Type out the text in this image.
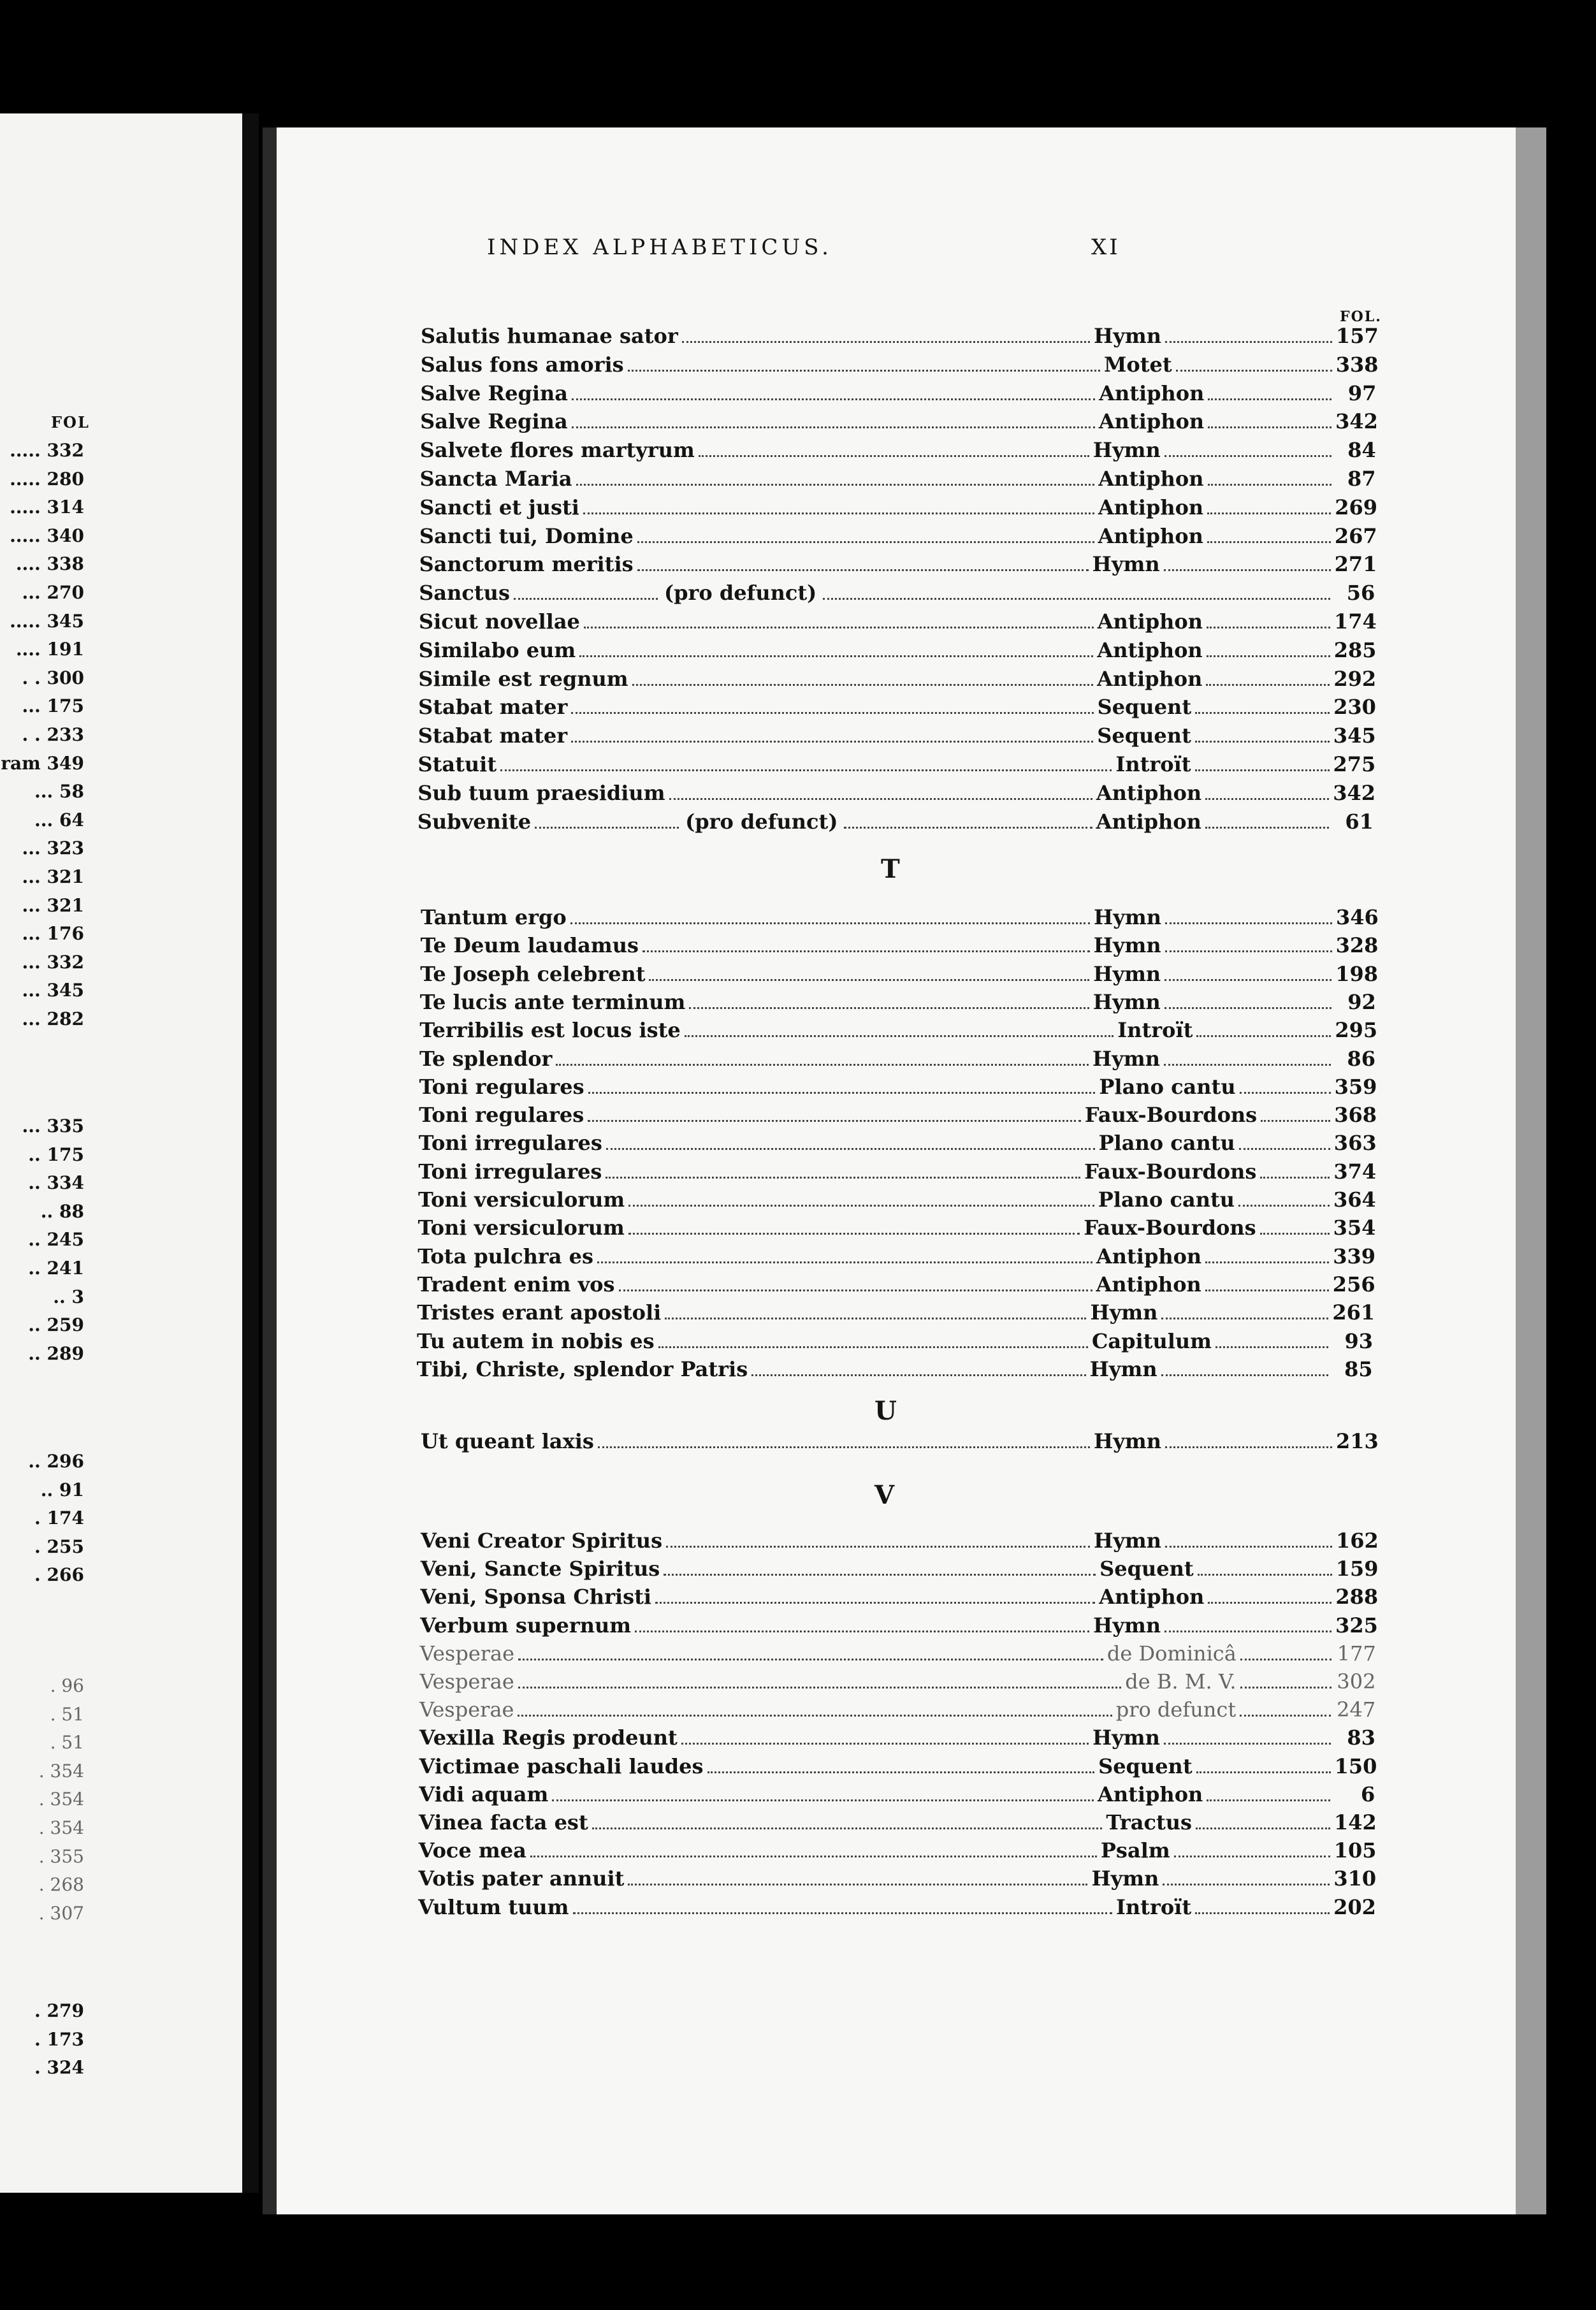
FOL
..... 332
..... 280
..... 314
..... 340
.... 338
... 270
..... 345
.... 191
. . 300
... 175
. . 233
ram 349
... 58
... 64
... 323
... 321
... 321
... 176
... 332
... 345
... 282
... 335
.. 175
.. 334
.. 88
.. 245
.. 241
.. 3
.. 259
.. 289
.. 296
.. 91
. 174
. 255
. 266
. 96
. 51
. 51
. 354
. 354
. 354
. 355
. 268
. 307
. 279
. 173
. 324
INDEX ALPHABETICUS.	XI
FOL.
Salutis humanae sator	Hymn	157
Salus fons amoris	Motet	338
Salve Regina	Antiphon	97
Salve Regina	Antiphon	342
Salvete flores martyrum	Hymn	84
Sancta Maria	Antiphon	87
Sancti et justi	Antiphon	269
Sancti tui, Domine	Antiphon	267
Sanctorum meritis	Hymn	271
Sanctus	(pro defunct)	56
Sicut novellae	Antiphon	174
Similabo eum	Antiphon	285
Simile est regnum	Antiphon	292
Stabat mater	Sequent	230
Stabat mater	Sequent	345
Statuit	Introït	275
Sub tuum praesidium	Antiphon	342
Subvenite	(pro defunct)	Antiphon	61
Tantum ergo	Hymn	346
Te Deum laudamus	Hymn	328
Te Joseph celebrent	Hymn	198
Te lucis ante terminum	Hymn	92
Terribilis est locus iste	Introït	295
Te splendor	Hymn	86
Toni regulares	Plano cantu	359
Toni regulares	Faux-Bourdons	368
Toni irregulares	Plano cantu	363
Toni irregulares	Faux-Bourdons	374
Toni versiculorum	Plano cantu	364
Toni versiculorum	Faux-Bourdons	354
Tota pulchra es	Antiphon	339
Tradent enim vos	Antiphon	256
Tristes erant apostoli	Hymn	261
Tu autem in nobis es	Capitulum	93
Tibi, Christe, splendor Patris	Hymn	85
Ut queant laxis	Hymn	213
Veni Creator Spiritus	Hymn	162
Veni, Sancte Spiritus	Sequent	159
Veni, Sponsa Christi	Antiphon	288
Verbum supernum	Hymn	325
Vesperae	de Dominicâ	177
Vesperae	de B. M. V.	302
Vesperae	pro defunct	247
Vexilla Regis prodeunt	Hymn	83
Victimae paschali laudes	Sequent	150
Vidi aquam	Antiphon	6
Vinea facta est	Tractus	142
Voce mea	Psalm	105
Votis pater annuit	Hymn	310
Vultum tuum	Introït	202
T
U
V
